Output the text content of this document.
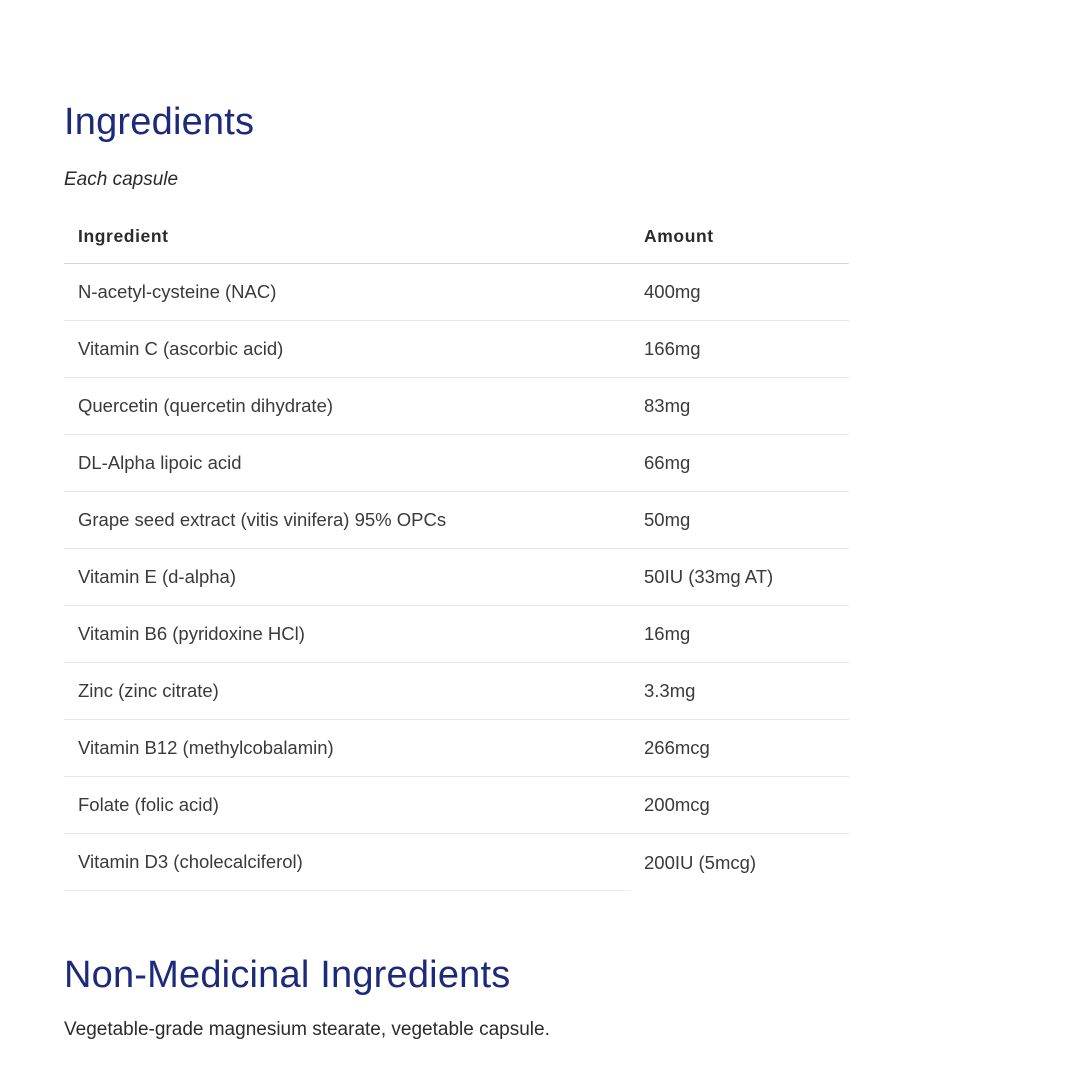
Ingredients

Each capsule

Ingredient	Amount
N-acetyl-cysteine (NAC)	400mg
Vitamin C (ascorbic acid)	166mg
Quercetin (quercetin dihydrate)	83mg
DL-Alpha lipoic acid	66mg
Grape seed extract (vitis vinifera) 95% OPCs	50mg
Vitamin E (d-alpha)	50IU (33mg AT)
Vitamin B6 (pyridoxine HCl)	16mg
Zinc (zinc citrate)	3.3mg
Vitamin B12 (methylcobalamin)	266mcg
Folate (folic acid)	200mcg
Vitamin D3 (cholecalciferol)	200IU (5mcg)
Non-Medicinal Ingredients

Vegetable-grade magnesium stearate, vegetable capsule.
